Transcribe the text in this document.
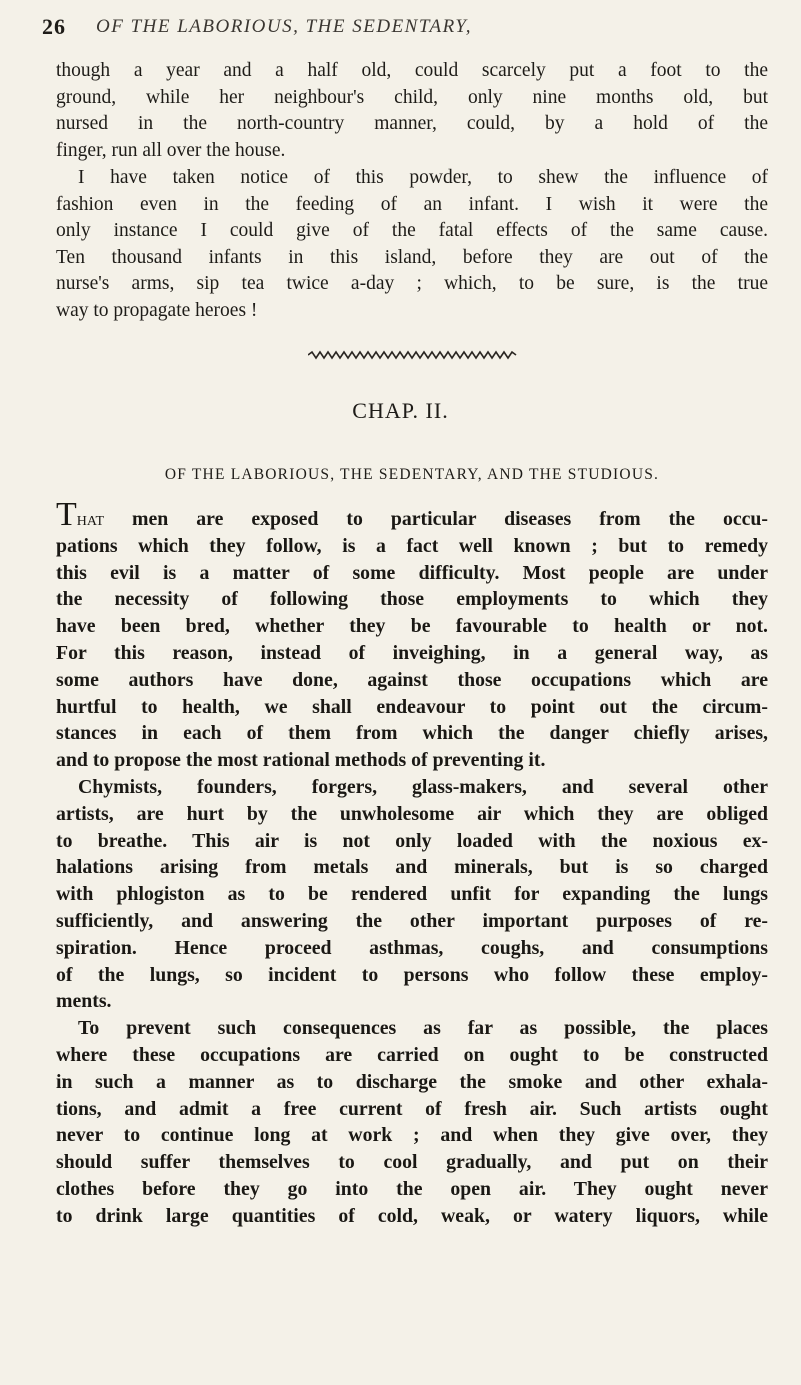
26 OF THE LABORIOUS, THE SEDENTARY,
though a year and a half old, could scarcely put a foot to the
ground, while her neighbour's child, only nine months old, but
nursed in the north-country manner, could, by a hold of the
finger, run all over the house.
I have taken notice of this powder, to shew the influence of
fashion even in the feeding of an infant. I wish it were the
only instance I could give of the fatal effects of the same cause.
Ten thousand infants in this island, before they are out of the
nurse's arms, sip tea twice a-day ; which, to be sure, is the true
way to propagate heroes !
CHAP. II.
OF THE LABORIOUS, THE SEDENTARY, AND THE STUDIOUS.
That men are exposed to particular diseases from the occu-
pations which they follow, is a fact well known ; but to remedy
this evil is a matter of some difficulty. Most people are under
the necessity of following those employments to which they
have been bred, whether they be favourable to health or not.
For this reason, instead of inveighing, in a general way, as
some authors have done, against those occupations which are
hurtful to health, we shall endeavour to point out the circum-
stances in each of them from which the danger chiefly arises,
and to propose the most rational methods of preventing it.
Chymists, founders, forgers, glass-makers, and several other
artists, are hurt by the unwholesome air which they are obliged
to breathe. This air is not only loaded with the noxious ex-
halations arising from metals and minerals, but is so charged
with phlogiston as to be rendered unfit for expanding the lungs
sufficiently, and answering the other important purposes of re-
spiration. Hence proceed asthmas, coughs, and consumptions
of the lungs, so incident to persons who follow these employ-
ments.
To prevent such consequences as far as possible, the places
where these occupations are carried on ought to be constructed
in such a manner as to discharge the smoke and other exhala-
tions, and admit a free current of fresh air. Such artists ought
never to continue long at work ; and when they give over, they
should suffer themselves to cool gradually, and put on their
clothes before they go into the open air. They ought never
to drink large quantities of cold, weak, or watery liquors, while
